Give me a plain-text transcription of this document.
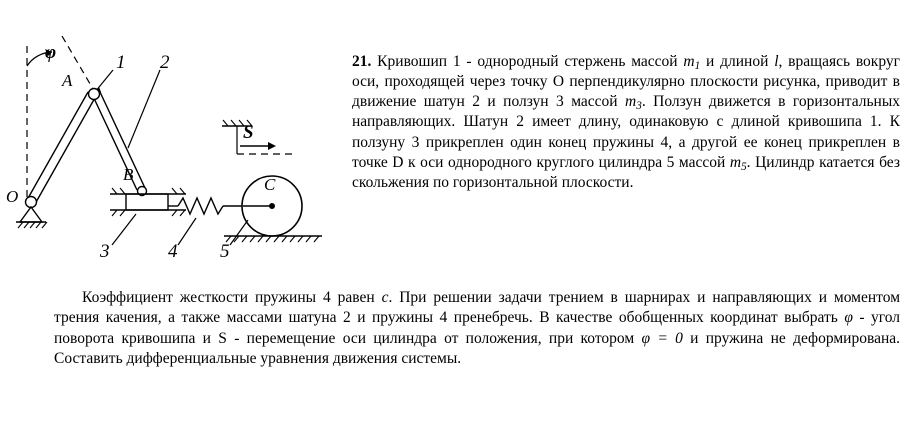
φ	1 2
3	4 5
A
B
C
O
S
21. Кривошип 1 - однородный стержень массой $m_1$ и длиной l, вращаясь вокруг оси, проходящей через точку О перпендикулярно плоскости рисунка, приводит в движение шатун 2 и ползун 3 массой $m_3$. Ползун движется в горизонтальных направляющих. Шатун 2 имеет длину, одинаковую с длиной кривошипа 1. К ползуну 3 прикреплен один конец пружины 4, а другой ее конец прикреплен в точке D к оси однородного круглого цилиндра 5 массой $m_5$. Цилиндр катается без скольжения по горизонтальной плоскости.
Коэффициент жесткости пружины 4 равен c. При решении задачи трением в шарнирах и направляющих и моментом трения качения, а также массами шатуна 2 и пружины 4 пренебречь. В качестве обобщенных координат выбрать φ - угол поворота кривошипа и S - перемещение оси цилиндра от положения, при котором φ = 0 и пружина не деформирована. Составить дифференциальные уравнения движения системы.
